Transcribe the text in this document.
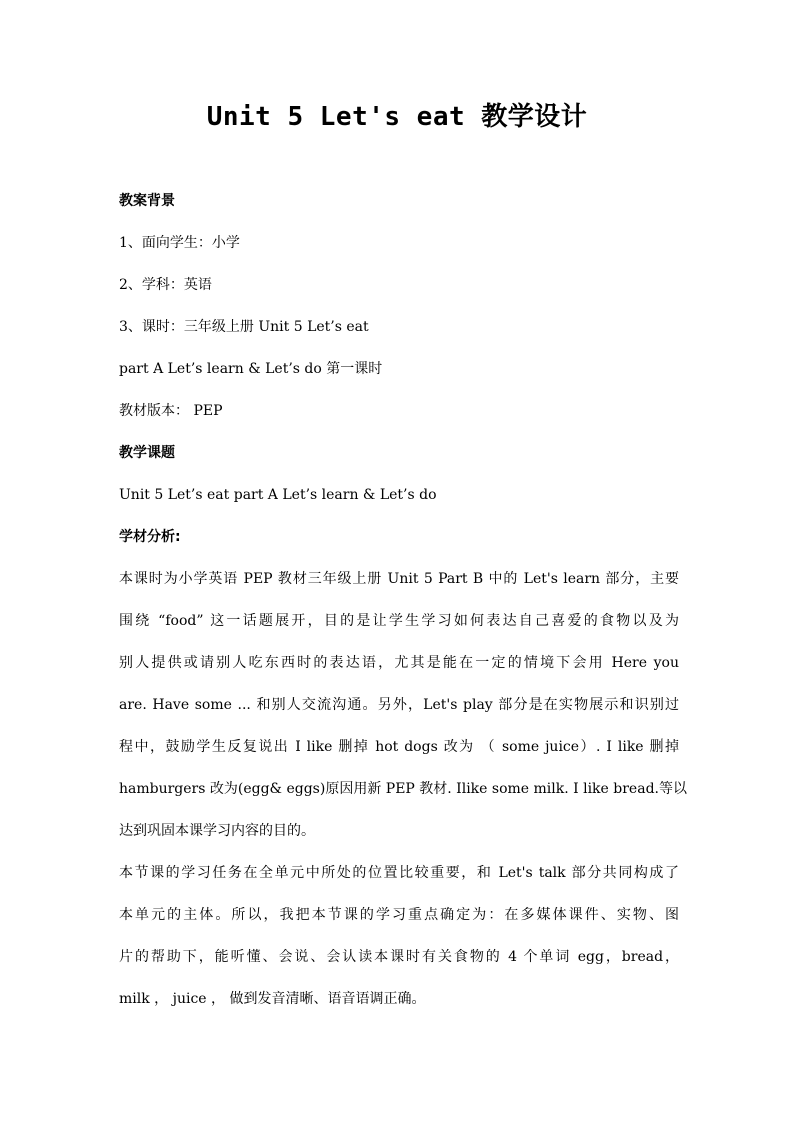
Unit 5 Let's eat 教学设计
教案背景
1、面向学生：小学
2、学科：英语
3、课时：三年级上册 Unit 5 Let’s eat
part A Let’s learn & Let’s do 第一课时
教材版本： PEP
教学课题
Unit 5 Let’s eat part A Let’s learn & Let’s do
学材分析:
本课时为小学英语 PEP 教材三年级上册 Unit 5 Part B 中的 Let's learn 部分，主要
围绕 “food” 这一话题展开，目的是让学生学习如何表达自己喜爱的食物以及为
别人提供或请别人吃东西时的表达语，尤其是能在一定的情境下会用 Here you
are. Have some ... 和别人交流沟通。另外，Let's play 部分是在实物展示和识别过
程中，鼓励学生反复说出 I like 删掉 hot dogs 改为 （ some juice）. I like 删掉
hamburgers 改为(egg& eggs)原因用新 PEP 教材. Ilike some milk. I like bread.等以
达到巩固本课学习内容的目的。
本节课的学习任务在全单元中所处的位置比较重要，和 Let's talk 部分共同构成了
本单元的主体。所以，我把本节课的学习重点确定为：在多媒体课件、实物、图
片的帮助下，能听懂、会说、会认读本课时有关食物的 4 个单词 egg，bread，
milk ， juice ， 做到发音清晰、语音语调正确。
